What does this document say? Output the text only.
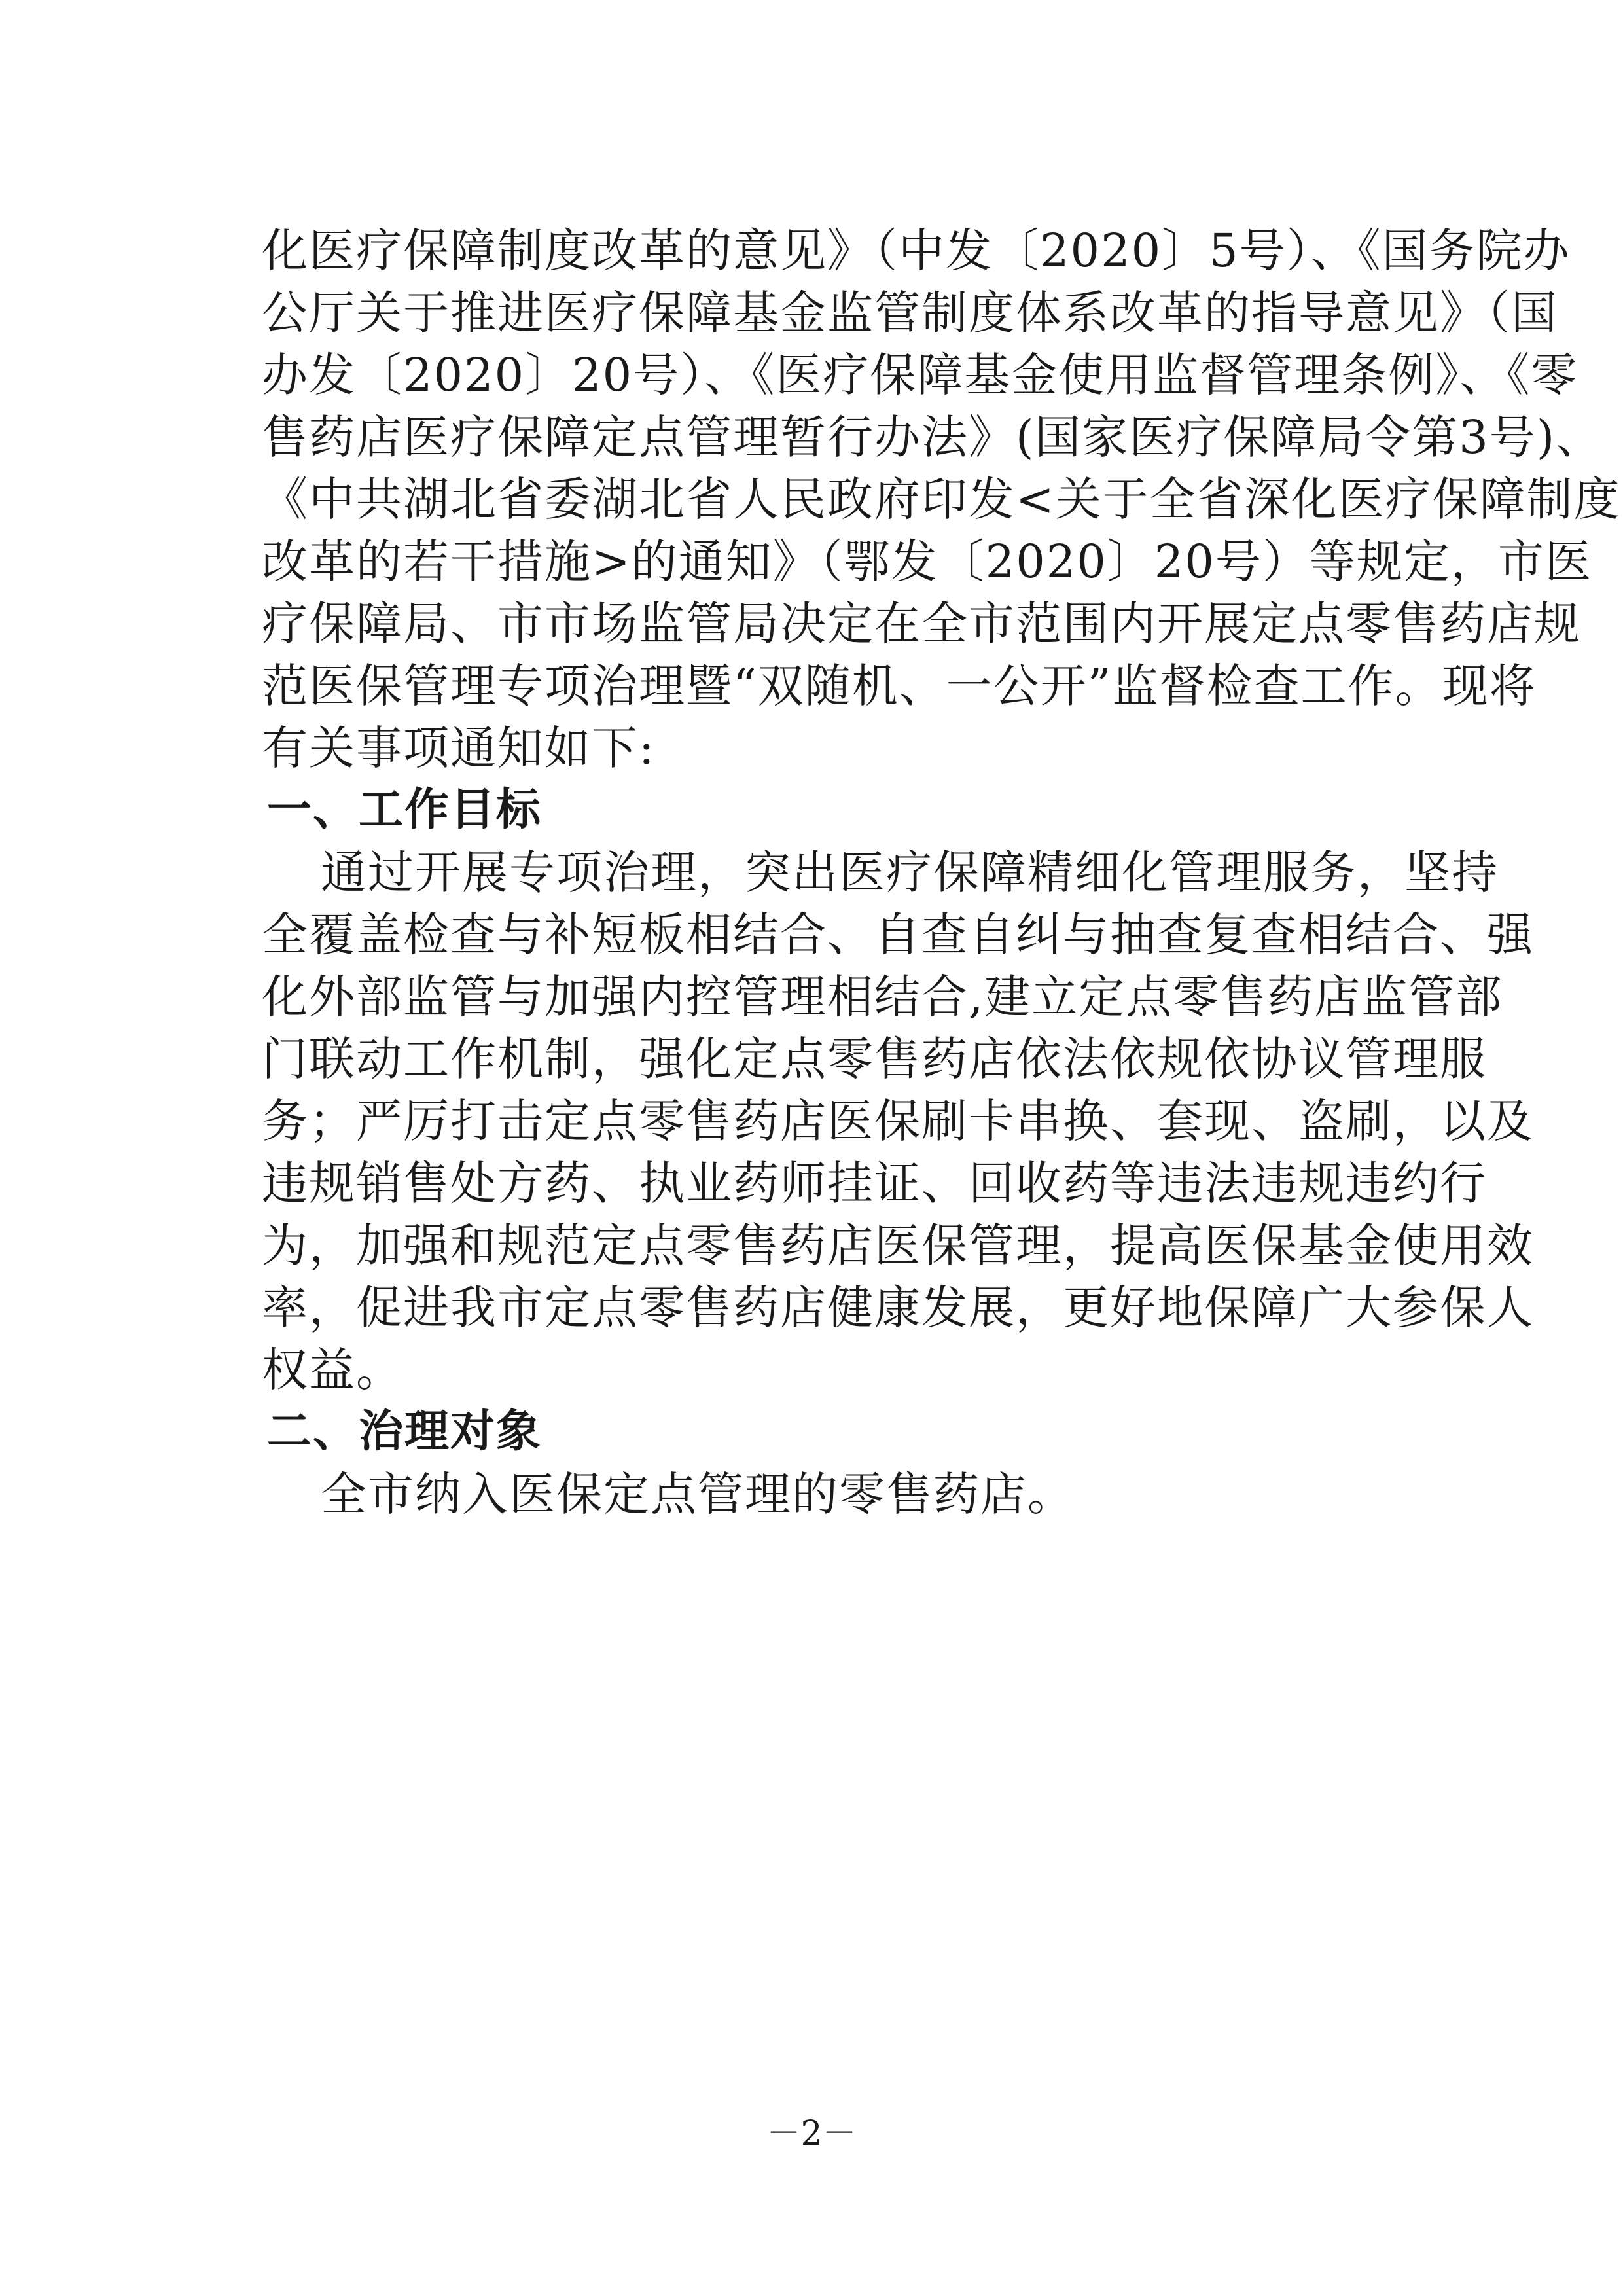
－2－
化医疗保障制度改革的意见》（中发〔2020〕5号）、《国务院办
公厅关于推进医疗保障基金监管制度体系改革的指导意见》（国
办发〔2020〕20号）、《医疗保障基金使用监督管理条例》、《零
售药店医疗保障定点管理暂行办法》(国家医疗保障局令第3号)、
《中共湖北省委湖北省人民政府印发<关于全省深化医疗保障制度
改革的若干措施>的通知》（鄂发〔2020〕20号）等规定，市医
疗保障局、市市场监管局决定在全市范围内开展定点零售药店规
范医保管理专项治理暨“双随机、一公开”监督检查工作。现将
有关事项通知如下:
一、工作目标
通过开展专项治理，突出医疗保障精细化管理服务，坚持
全覆盖检查与补短板相结合、自查自纠与抽查复查相结合、强
化外部监管与加强内控管理相结合,建立定点零售药店监管部
门联动工作机制，强化定点零售药店依法依规依协议管理服
务；严厉打击定点零售药店医保刷卡串换、套现、盗刷，以及
违规销售处方药、执业药师挂证、回收药等违法违规违约行
为，加强和规范定点零售药店医保管理，提高医保基金使用效
率，促进我市定点零售药店健康发展，更好地保障广大参保人
权益。
二、治理对象
全市纳入医保定点管理的零售药店。
